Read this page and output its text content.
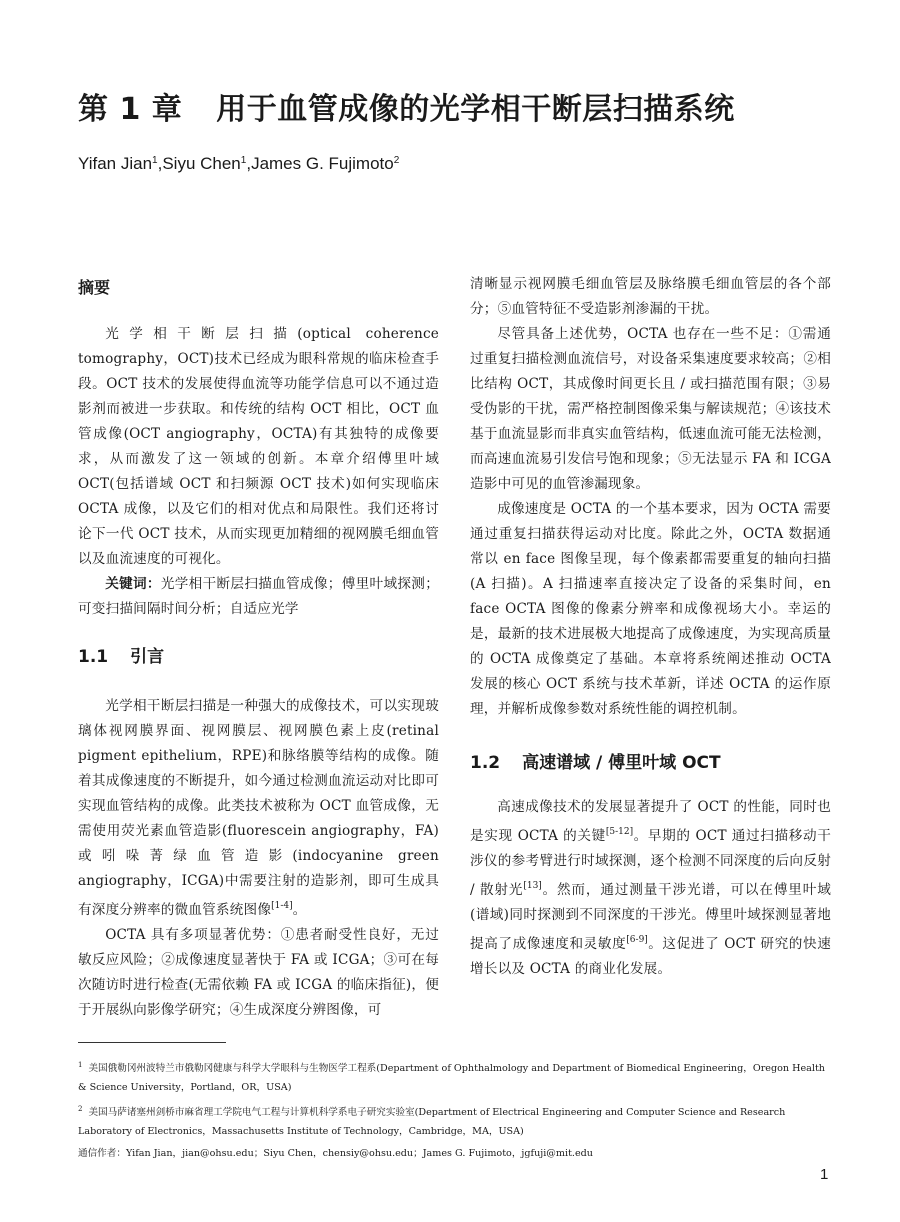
第 1 章 用于血管成像的光学相干断层扫描系统
Yifan Jian$^1$,Siyu Chen$^1$,James G. Fujimoto$^2$
摘要

光学相干断层扫描(optical coherence tomography，OCT)技术已经成为眼科常规的临床检查手段。OCT 技术的发展使得血流等功能学信息可以不通过造影剂而被进一步获取。和传统的结构 OCT 相比，OCT 血管成像(OCT angiography，OCTA)有其独特的成像要求，从而激发了这一领域的创新。本章介绍傅里叶域 OCT(包括谱域 OCT 和扫频源 OCT 技术)如何实现临床 OCTA 成像，以及它们的相对优点和局限性。我们还将讨论下一代 OCT 技术，从而实现更加精细的视网膜毛细血管以及血流速度的可视化。

关键词：光学相干断层扫描血管成像；傅里叶域探测；可变扫描间隔时间分析；自适应光学

1.1 引言

光学相干断层扫描是一种强大的成像技术，可以实现玻璃体视网膜界面、视网膜层、视网膜色素上皮(retinal pigment epithelium，RPE)和脉络膜等结构的成像。随着其成像速度的不断提升，如今通过检测血流运动对比即可实现血管结构的成像。此类技术被称为 OCT 血管成像，无需使用荧光素血管造影(fluorescein angiography，FA)或吲哚菁绿血管造影(indocyanine green angiography，ICGA)中需要注射的造影剂，即可生成具有深度分辨率的微血管系统图像[1-4]。

OCTA 具有多项显著优势：①患者耐受性良好，无过敏反应风险；②成像速度显著快于 FA 或 ICGA；③可在每次随访时进行检查(无需依赖 FA 或 ICGA 的临床指征)，便于开展纵向影像学研究；④生成深度分辨图像，可

清晰显示视网膜毛细血管层及脉络膜毛细血管层的各个部分；⑤血管特征不受造影剂渗漏的干扰。

尽管具备上述优势，OCTA 也存在一些不足：①需通过重复扫描检测血流信号，对设备采集速度要求较高；②相比结构 OCT，其成像时间更长且 / 或扫描范围有限；③易受伪影的干扰，需严格控制图像采集与解读规范；④该技术基于血流显影而非真实血管结构，低速血流可能无法检测，而高速血流易引发信号饱和现象；⑤无法显示 FA 和 ICGA 造影中可见的血管渗漏现象。

成像速度是 OCTA 的一个基本要求，因为 OCTA 需要通过重复扫描获得运动对比度。除此之外，OCTA 数据通常以 en face 图像呈现，每个像素都需要重复的轴向扫描(A 扫描)。A 扫描速率直接决定了设备的采集时间，en face OCTA 图像的像素分辨率和成像视场大小。幸运的是，最新的技术进展极大地提高了成像速度，为实现高质量的 OCTA 成像奠定了基础。本章将系统阐述推动 OCTA 发展的核心 OCT 系统与技术革新，详述 OCTA 的运作原理，并解析成像参数对系统性能的调控机制。

1.2 高速谱域 / 傅里叶域 OCT

高速成像技术的发展显著提升了 OCT 的性能，同时也是实现 OCTA 的关键[5-12]。早期的 OCT 通过扫描移动干涉仪的参考臂进行时域探测，逐个检测不同深度的后向反射 / 散射光[13]。然而，通过测量干涉光谱，可以在傅里叶域(谱域)同时探测到不同深度的干涉光。傅里叶域探测显著地提高了成像速度和灵敏度[6-9]。这促进了 OCT 研究的快速增长以及 OCTA 的商业化发展。

$^1$ 美国俄勒冈州波特兰市俄勒冈健康与科学大学眼科与生物医学工程系(Department of Ophthalmology and Department of Biomedical Engineering，Oregon Health & Science University，Portland，OR，USA)
$^2$ 美国马萨诸塞州剑桥市麻省理工学院电气工程与计算机科学系电子研究实验室(Department of Electrical Engineering and Computer Science and Research Laboratory of Electronics，Massachusetts Institute of Technology，Cambridge，MA，USA)
通信作者：Yifan Jian，jian@ohsu.edu；Siyu Chen，chensiy@ohsu.edu；James G. Fujimoto，jgfuji@mit.edu
1
